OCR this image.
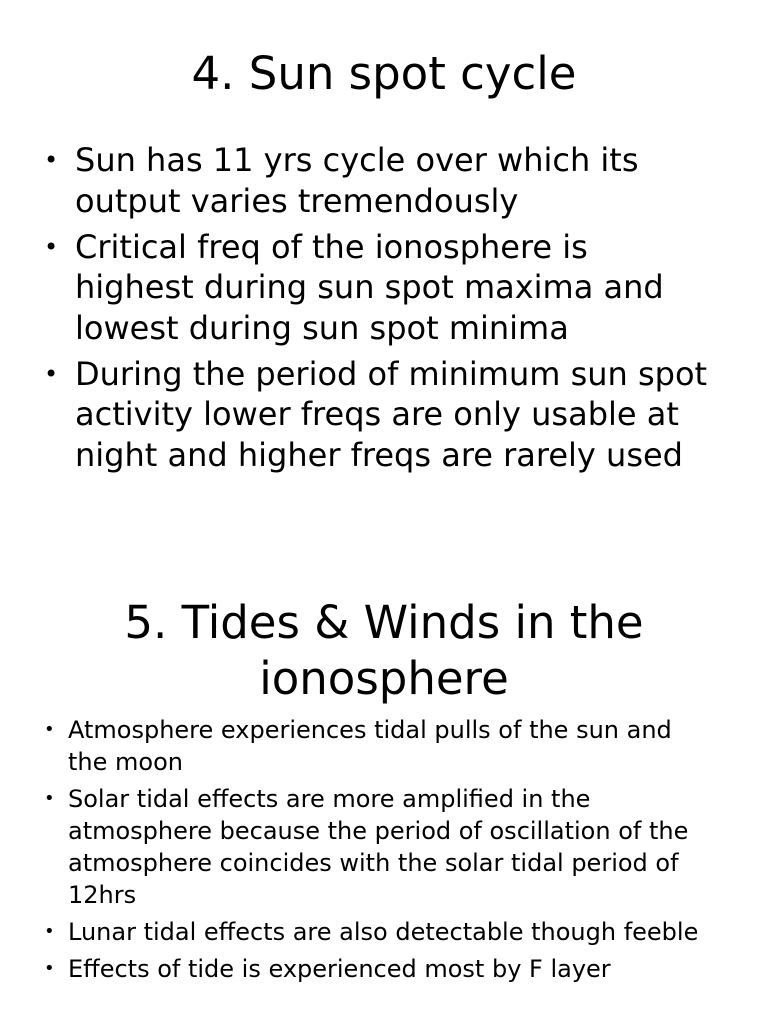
4. Sun spot cycle
• Sun has 11 yrs cycle over which its output varies tremendously
• Critical freq of the ionosphere is highest during sun spot maxima and lowest during sun spot minima
• During the period of minimum sun spot activity lower freqs are only usable at night and higher freqs are rarely used
5. Tides & Winds in the ionosphere
• Atmosphere experiences tidal pulls of the sun and the moon
• Solar tidal effects are more amplified in the atmosphere because the period of oscillation of the atmosphere coincides with the solar tidal period of 12hrs
• Lunar tidal effects are also detectable though feeble
• Effects of tide is experienced most by F layer
